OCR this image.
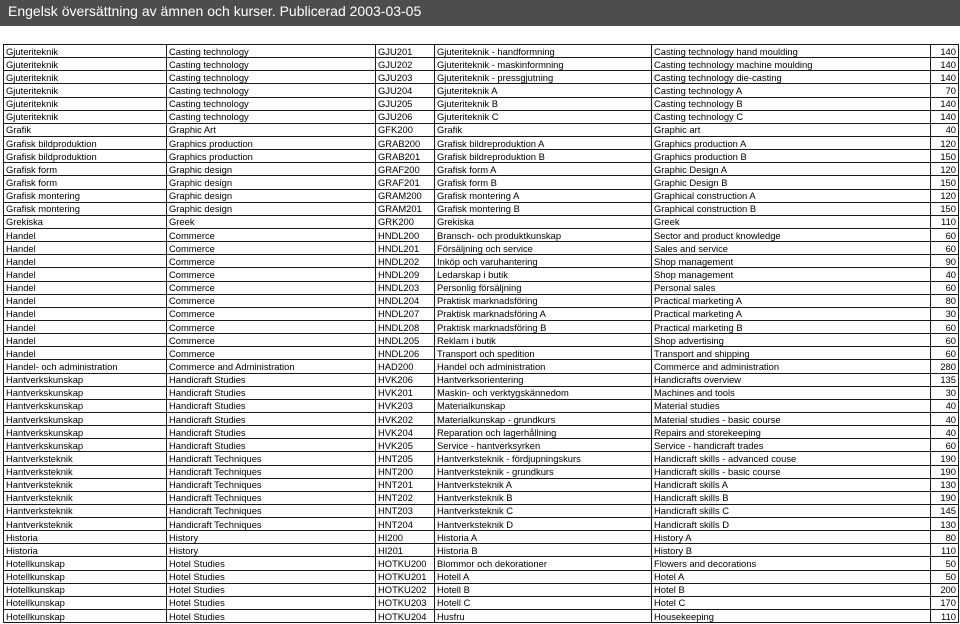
Engelsk översättning av ämnen och kurser. Publicerad 2003-03-05
Gjuteriteknik	Casting technology	GJU201	Gjuteriteknik - handformning	Casting technology hand moulding	140
Gjuteriteknik	Casting technology	GJU202	Gjuteriteknik - maskinformning	Casting technology machine moulding	140
Gjuteriteknik	Casting technology	GJU203	Gjuteriteknik - pressgjutning	Casting technology die-casting	140
Gjuteriteknik	Casting technology	GJU204	Gjuteriteknik A	Casting technology A	70
Gjuteriteknik	Casting technology	GJU205	Gjuteriteknik B	Casting technology B	140
Gjuteriteknik	Casting technology	GJU206	Gjuteriteknik C	Casting technology C	140
Grafik	Graphic Art	GFK200	Grafik	Graphic art	40
Grafisk bildproduktion	Graphics production	GRAB200	Grafisk bildreproduktion A	Graphics production A	120
Grafisk bildproduktion	Graphics production	GRAB201	Grafisk bildreproduktion B	Graphics production B	150
Grafisk form	Graphic design	GRAF200	Grafisk form A	Graphic Design A	120
Grafisk form	Graphic design	GRAF201	Grafisk form B	Graphic Design B	150
Grafisk montering	Graphic design	GRAM200	Grafisk montering A	Graphical construction A	120
Grafisk montering	Graphic design	GRAM201	Grafisk montering B	Graphical construction B	150
Grekiska	Greek	GRK200	Grekiska	Greek	110
Handel	Commerce	HNDL200	Bransch- och produktkunskap	Sector and product knowledge	60
Handel	Commerce	HNDL201	Försäljning och service	Sales and service	60
Handel	Commerce	HNDL202	Inköp och varuhantering	Shop management	90
Handel	Commerce	HNDL209	Ledarskap i butik	Shop management	40
Handel	Commerce	HNDL203	Personlig försäljning	Personal sales	60
Handel	Commerce	HNDL204	Praktisk marknadsföring	Practical marketing A	80
Handel	Commerce	HNDL207	Praktisk marknadsföring A	Practical marketing A	30
Handel	Commerce	HNDL208	Praktisk marknadsföring B	Practical marketing B	60
Handel	Commerce	HNDL205	Reklam i butik	Shop advertising	60
Handel	Commerce	HNDL206	Transport och spedition	Transport and shipping	60
Handel- och administration	Commerce and Administration	HAD200	Handel och administration	Commerce and administration	280
Hantverkskunskap	Handicraft Studies	HVK206	Hantverksorientering	Handicrafts overview	135
Hantverkskunskap	Handicraft Studies	HVK201	Maskin- och verktygskännedom	Machines and tools	30
Hantverkskunskap	Handicraft Studies	HVK203	Materialkunskap	Material studies	40
Hantverkskunskap	Handicraft Studies	HVK202	Materialkunskap - grundkurs	Material studies - basic course	40
Hantverkskunskap	Handicraft Studies	HVK204	Reparation och lagerhållning	Repairs and storekeeping	40
Hantverkskunskap	Handicraft Studies	HVK205	Service - hantverksyrken	Service - handicraft trades	60
Hantverksteknik	Handicraft Techniques	HNT205	Hantverksteknik - fördjupningskurs	Handicraft skills - advanced couse	190
Hantverksteknik	Handicraft Techniques	HNT200	Hantverksteknik - grundkurs	Handicraft skills - basic course	190
Hantverksteknik	Handicraft Techniques	HNT201	Hantverksteknik A	Handicraft skills A	130
Hantverksteknik	Handicraft Techniques	HNT202	Hantverksteknik B	Handicraft skills B	190
Hantverksteknik	Handicraft Techniques	HNT203	Hantverksteknik C	Handicraft skills C	145
Hantverksteknik	Handicraft Techniques	HNT204	Hantverksteknik D	Handicraft skills D	130
Historia	History	HI200	Historia A	History A	80
Historia	History	HI201	Historia B	History B	110
Hotellkunskap	Hotel Studies	HOTKU200	Blommor och dekorationer	Flowers and decorations	50
Hotellkunskap	Hotel Studies	HOTKU201	Hotell A	Hotel A	50
Hotellkunskap	Hotel Studies	HOTKU202	Hotell B	Hotel B	200
Hotellkunskap	Hotel Studies	HOTKU203	Hotell C	Hotel C	170
Hotellkunskap	Hotel Studies	HOTKU204	Husfru	Housekeeping	110
